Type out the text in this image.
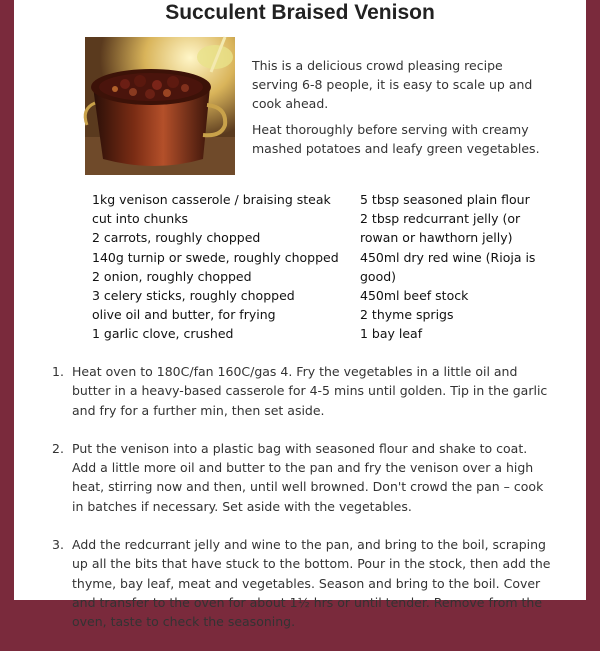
Succulent Braised Venison

This is a delicious crowd pleasing recipe serving 6-8 people, it is easy to scale up and cook ahead.

Heat thoroughly before serving with creamy mashed potatoes and leafy green vegetables.

1kg venison casserole / braising steak
cut into chunks
2 carrots, roughly chopped
140g turnip or swede, roughly chopped
2 onion, roughly chopped
3 celery sticks, roughly chopped
olive oil and butter, for frying
1 garlic clove, crushed
5 tbsp seasoned plain flour
2 tbsp redcurrant jelly (or
rowan or hawthorn jelly)
450ml dry red wine (Rioja is
good)
450ml beef stock
2 thyme sprigs
1 bay leaf
1. Heat oven to 180C/fan 160C/gas 4. Fry the vegetables in a little oil and butter in a heavy-based casserole for 4-5 mins until golden. Tip in the garlic and fry for a further min, then set aside.
2. Put the venison into a plastic bag with seasoned flour and shake to coat. Add a little more oil and butter to the pan and fry the venison over a high heat, stirring now and then, until well browned. Don't crowd the pan – cook in batches if necessary. Set aside with the vegetables.
3. Add the redcurrant jelly and wine to the pan, and bring to the boil, scraping up all the bits that have stuck to the bottom. Pour in the stock, then add the thyme, bay leaf, meat and vegetables. Season and bring to the boil. Cover and transfer to the oven for about 1½ hrs or until tender. Remove from the oven, taste to check the seasoning.
